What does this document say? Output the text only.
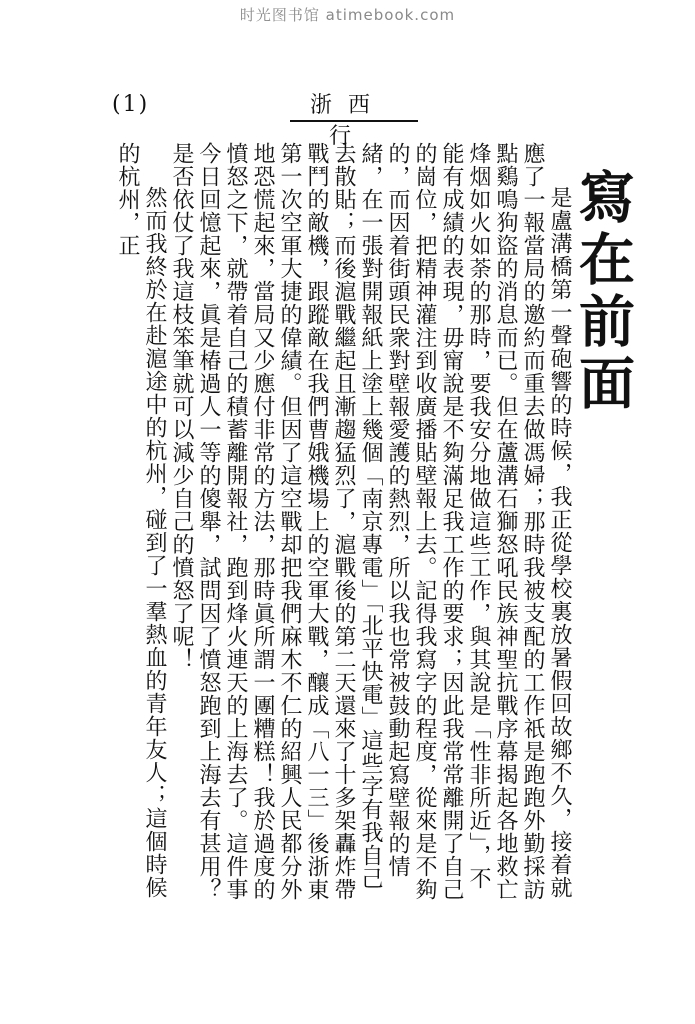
时光图书馆 atimebook.com
(1)	浙西行
寫在前面

是盧溝橋第一聲砲響的時候，我正從學校裏放暑假回故鄉不久，接着就應了一報當局的邀約而重去做馮婦；那時我被支配的工作祇是跑跑外勤採訪點鷄鳴狗盜的消息而已。但在蘆溝石獅怒吼民族神聖抗戰序幕揭起各地救亡烽烟如火如荼的那時，要我安分地做這些工作，與其說是「性非所近」，不能有成績的表現，毋甯說是不夠滿足我工作的要求；因此我常常離開了自己的崗位，把精神灌注到收廣播貼壁報上去。記得我寫字的程度，從來是不夠的，而因着街頭民衆對壁報愛護的熱烈，所以我也常被鼓動起寫壁報的情緒，在一張對開報紙上塗上幾個「南京專電」「北平快電」這些字有我自己去散貼；而後滬戰繼起且漸趨猛烈了，滬戰後的第二天還來了十多架轟炸帶戰鬥的敵機，跟蹤敵在我們曹娥機場上的空軍大戰，釀成「八一三」後浙東第一次空軍大捷的偉績。但因了這空戰却把我們麻木不仁的紹興人民都分外地恐慌起來，當局又少應付非常的方法，那時眞所謂一團糟糕！我於過度的憤怒之下，就帶着自己的積蓄離開報社，跑到烽火連天的上海去了。這件事今日回憶起來，眞是椿過人一等的傻舉，試問因了憤怒跑到上海去有甚用？是否依仗了我這枝笨筆就可以減少自己的憤怒了呢！

然而我終於在赴滬途中的杭州，碰到了一羣熱血的青年友人；這個時候的杭州，正
